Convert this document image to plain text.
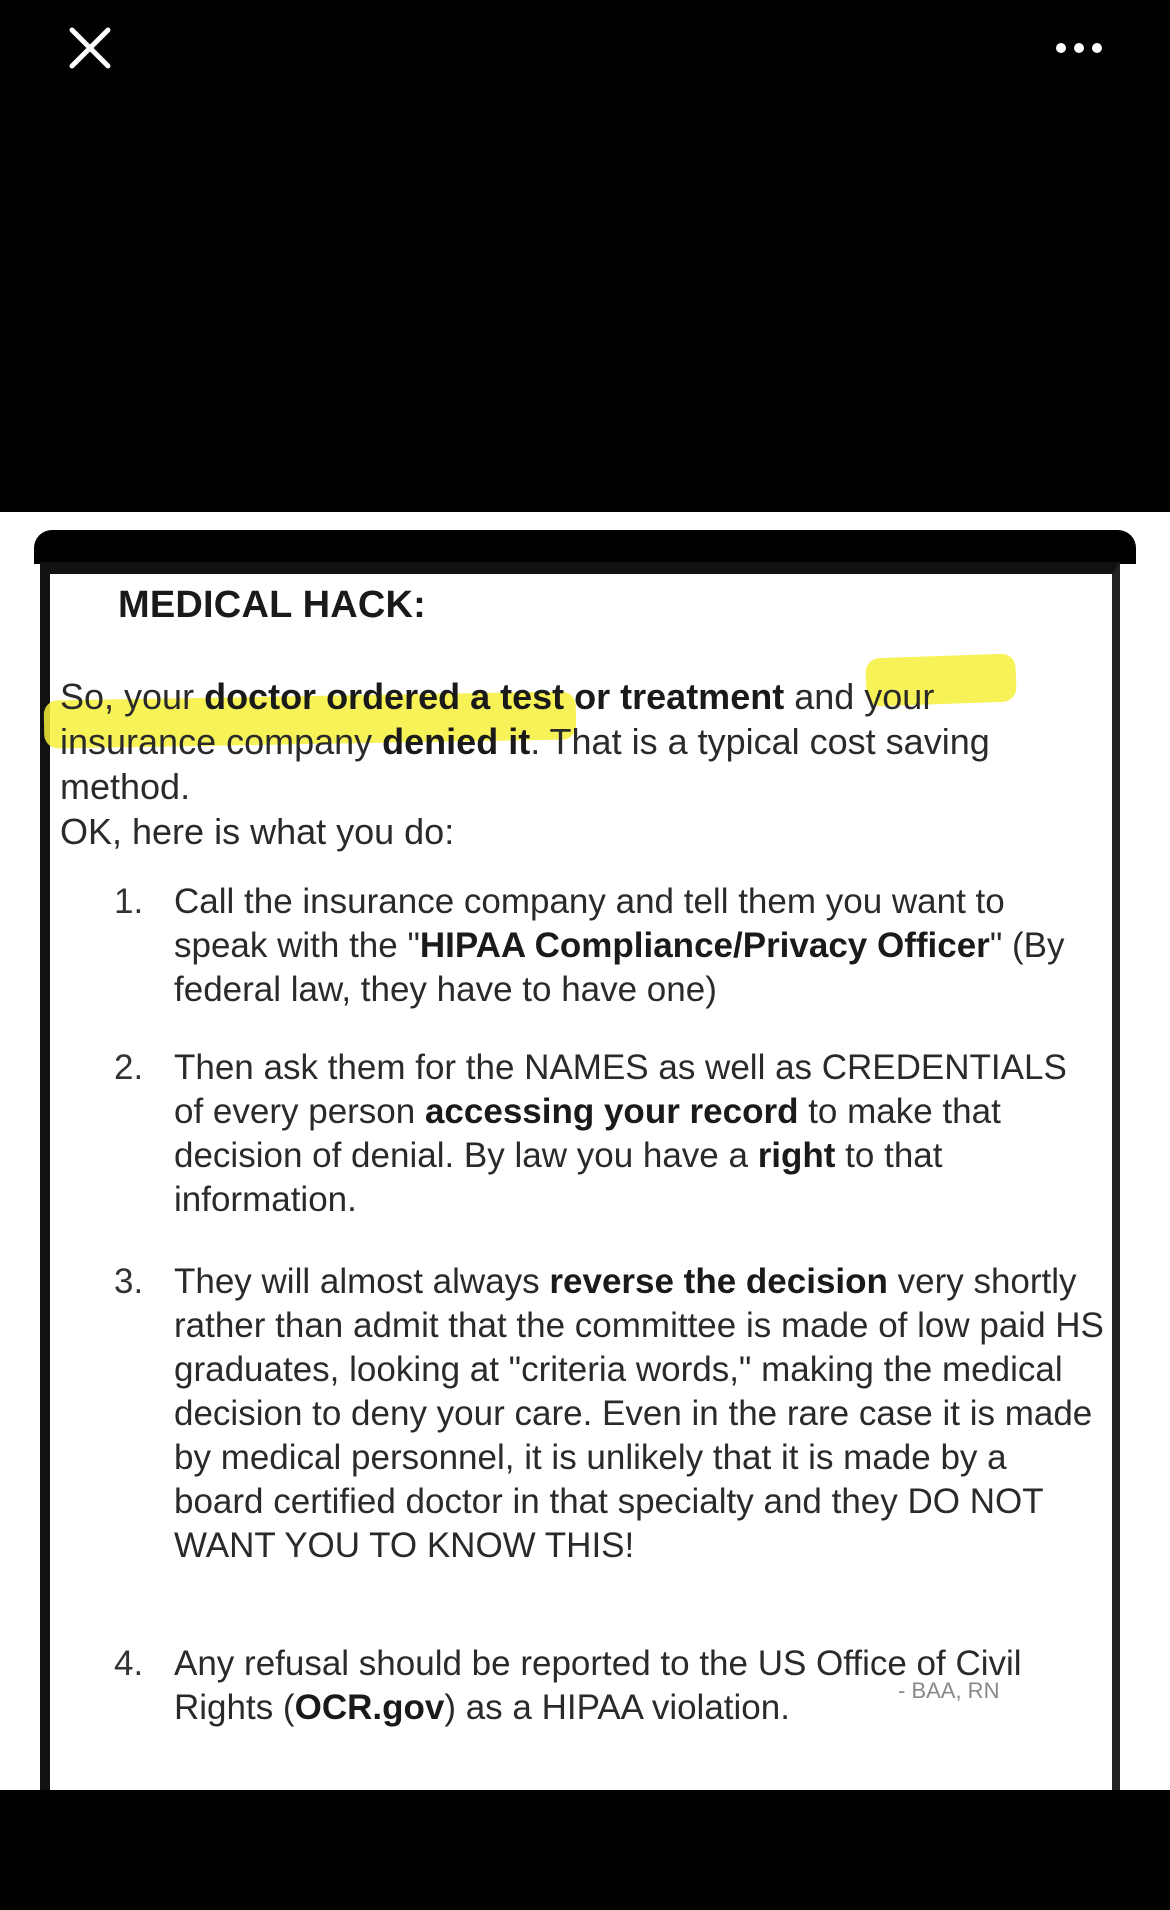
MEDICAL HACK:
So, your doctor ordered a test or treatment and your insurance company denied it. That is a typical cost saving method.
OK, here is what you do:
1. Call the insurance company and tell them you want to speak with the "HIPAA Compliance/Privacy Officer" (By federal law, they have to have one)
2. Then ask them for the NAMES as well as CREDENTIALS of every person accessing your record to make that decision of denial. By law you have a right to that information.
3. They will almost always reverse the decision very shortly rather than admit that the committee is made of low paid HS graduates, looking at "criteria words," making the medical decision to deny your care. Even in the rare case it is made by medical personnel, it is unlikely that it is made by a board certified doctor in that specialty and they DO NOT WANT YOU TO KNOW THIS!
4. Any refusal should be reported to the US Office of Civil Rights (OCR.gov) as a HIPAA violation.	- BAA, RN
